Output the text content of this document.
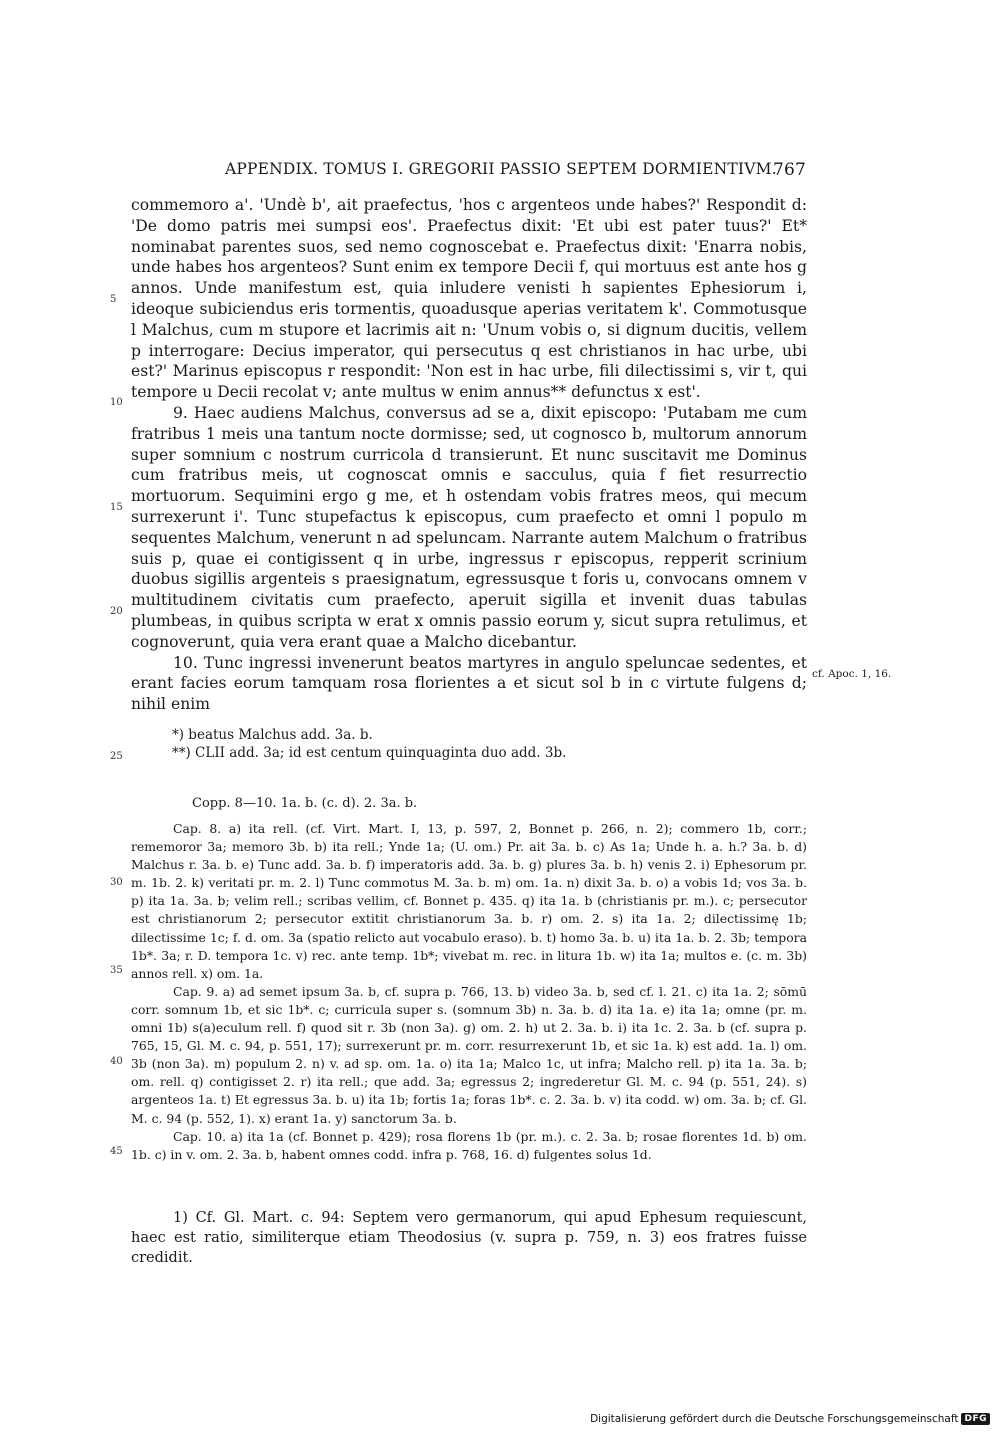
APPENDIX. TOMUS I. GREGORII PASSIO SEPTEM DORMIENTIVM.
767

commemoro a'. 'Undè b', ait praefectus, 'hos c argenteos unde habes?' Respondit d: 'De domo patris mei sumpsi eos'. Praefectus dixit: 'Et ubi est pater tuus?' Et* nominabat parentes suos, sed nemo cognoscebat e. Praefectus dixit: 'Enarra nobis, unde habes hos argenteos? Sunt enim ex tempore Decii f, qui mortuus est ante hos g annos. Unde manifestum est, quia inludere venisti h sapientes Ephesiorum i, ideoque subiciendus eris tormentis, quoadusque aperias veritatem k'. Commotusque l Malchus, cum m stupore et lacrimis ait n: 'Unum vobis o, si dignum ducitis, vellem p interrogare: Decius imperator, qui persecutus q est christianos in hac urbe, ubi est?' Marinus episcopus r respondit: 'Non est in hac urbe, fili dilectissimi s, vir t, qui tempore u Decii recolat v; ante multus w enim annus** defunctus x est'.

9. Haec audiens Malchus, conversus ad se a, dixit episcopo: 'Putabam me cum fratribus 1 meis una tantum nocte dormisse; sed, ut cognosco b, multorum annorum super somnium c nostrum curricola d transierunt. Et nunc suscitavit me Dominus cum fratribus meis, ut cognoscat omnis e sacculus, quia f fiet resurrectio mortuorum. Sequimini ergo g me, et h ostendam vobis fratres meos, qui mecum surrexerunt i'. Tunc stupefactus k episcopus, cum praefecto et omni l populo m sequentes Malchum, venerunt n ad speluncam. Narrante autem Malchum o fratribus suis p, quae ei contigissent q in urbe, ingressus r episcopus, repperit scrinium duobus sigillis argenteis s praesignatum, egressusque t foris u, convocans omnem v multitudinem civitatis cum praefecto, aperuit sigilla et invenit duas tabulas plumbeas, in quibus scripta w erat x omnis passio eorum y, sicut supra retulimus, et cognoverunt, quia vera erant quae a Malcho dicebantur.

10. Tunc ingressi invenerunt beatos martyres in angulo speluncae sedentes, et erant facies eorum tamquam rosa florientes a et sicut sol b in c virtute fulgens d; nihil enim

cf. Apoc. 1, 16.
5
10
15
20
25
30
35
40
45
*) beatus Malchus add. 3a. b.
**) CLII add. 3a; id est centum quinquaginta duo add. 3b.
Copp. 8—10. 1a. b. (c. d). 2. 3a. b.

Cap. 8. a) ita rell. (cf. Virt. Mart. I, 13, p. 597, 2, Bonnet p. 266, n. 2); commero 1b, corr.; rememoror 3a; memoro 3b. b) ita rell.; Ynde 1a; (U. om.) Pr. ait 3a. b. c) As 1a; Unde h. a. h.? 3a. b. d) Malchus r. 3a. b. e) Tunc add. 3a. b. f) imperatoris add. 3a. b. g) plures 3a. b. h) venis 2. i) Ephesorum pr. m. 1b. 2. k) veritati pr. m. 2. l) Tunc commotus M. 3a. b. m) om. 1a. n) dixit 3a. b. o) a vobis 1d; vos 3a. b. p) ita 1a. 3a. b; velim rell.; scribas vellim, cf. Bonnet p. 435. q) ita 1a. b (christianis pr. m.). c; persecutor est christianorum 2; persecutor extitit christianorum 3a. b. r) om. 2. s) ita 1a. 2; dilectissimę 1b; dilectissime 1c; f. d. om. 3a (spatio relicto aut vocabulo eraso). b. t) homo 3a. b. u) ita 1a. b. 2. 3b; tempora 1b*. 3a; r. D. tempora 1c. v) rec. ante temp. 1b*; vivebat m. rec. in litura 1b. w) ita 1a; multos e. (c. m. 3b) annos rell. x) om. 1a.

Cap. 9. a) ad semet ipsum 3a. b, cf. supra p. 766, 13. b) video 3a. b, sed cf. l. 21. c) ita 1a. 2; sōmū corr. somnum 1b, et sic 1b*. c; curricula super s. (somnum 3b) n. 3a. b. d) ita 1a. e) ita 1a; omne (pr. m. omni 1b) s(a)eculum rell. f) quod sit r. 3b (non 3a). g) om. 2. h) ut 2. 3a. b. i) ita 1c. 2. 3a. b (cf. supra p. 765, 15, Gl. M. c. 94, p. 551, 17); surrexerunt pr. m. corr. resurrexerunt 1b, et sic 1a. k) est add. 1a. l) om. 3b (non 3a). m) populum 2. n) v. ad sp. om. 1a. o) ita 1a; Malco 1c, ut infra; Malcho rell. p) ita 1a. 3a. b; om. rell. q) contigisset 2. r) ita rell.; que add. 3a; egressus 2; ingrederetur Gl. M. c. 94 (p. 551, 24). s) argenteos 1a. t) Et egressus 3a. b. u) ita 1b; fortis 1a; foras 1b*. c. 2. 3a. b. v) ita codd. w) om. 3a. b; cf. Gl. M. c. 94 (p. 552, 1). x) erant 1a. y) sanctorum 3a. b.

Cap. 10. a) ita 1a (cf. Bonnet p. 429); rosa florens 1b (pr. m.). c. 2. 3a. b; rosae florentes 1d. b) om. 1b. c) in v. om. 2. 3a. b, habent omnes codd. infra p. 768, 16. d) fulgentes solus 1d.

1) Cf. Gl. Mart. c. 94: Septem vero germanorum, qui apud Ephesum requiescunt, haec est ratio, similiterque etiam Theodosius (v. supra p. 759, n. 3) eos fratres fuisse credidit.

Digitalisierung gefördert durch die Deutsche Forschungsgemeinschaft DFG
